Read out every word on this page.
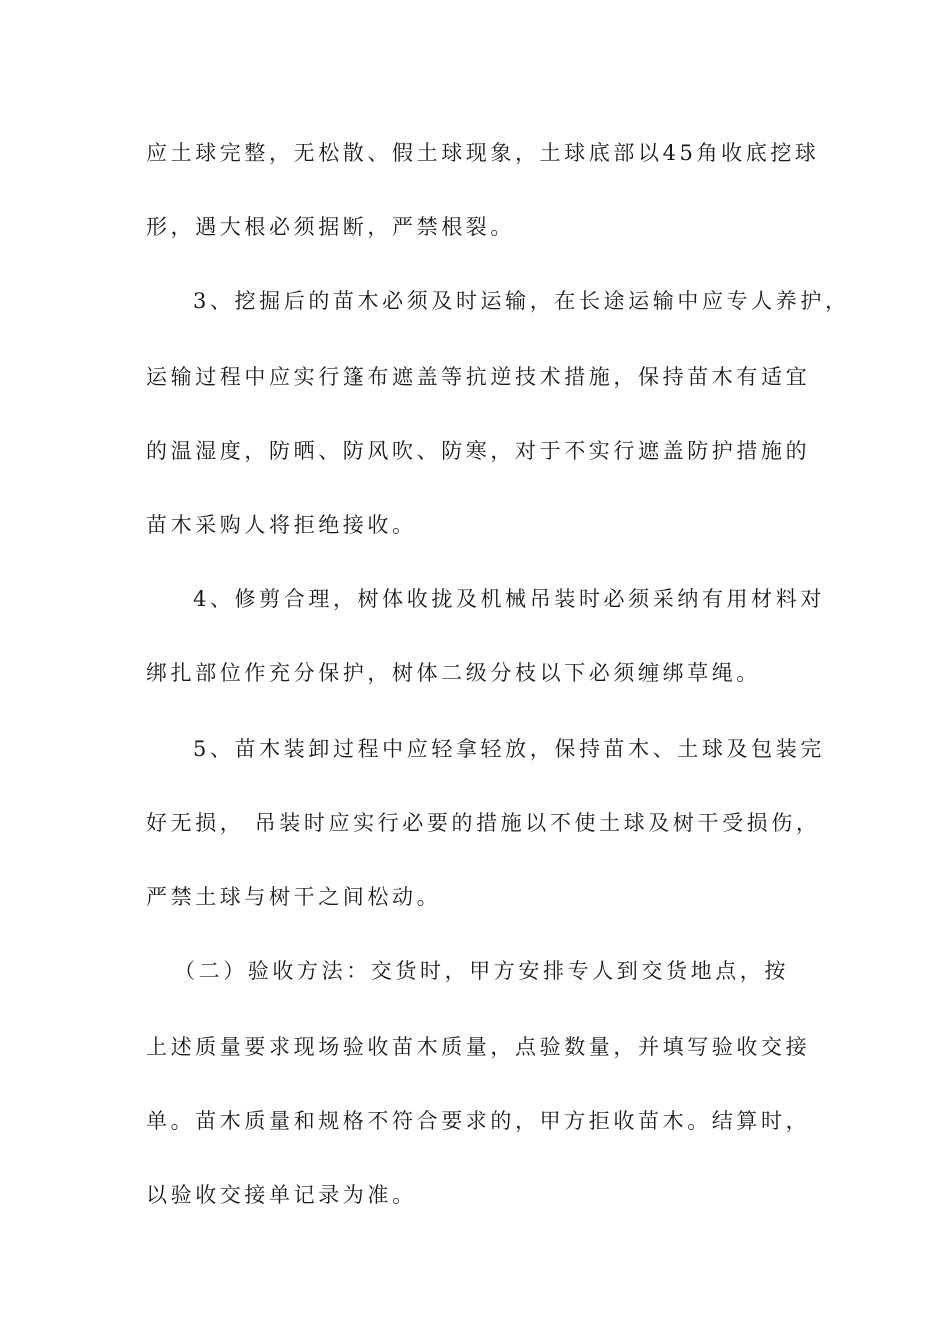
应土球完整，无松散、假土球现象，土球底部以45角收底挖球
形，遇大根必须据断，严禁根裂。
3、挖掘后的苗木必须及时运输，在长途运输中应专人养护，
运输过程中应实行篷布遮盖等抗逆技术措施，保持苗木有适宜
的温湿度，防晒、防风吹、防寒，对于不实行遮盖防护措施的
苗木采购人将拒绝接收。
4、修剪合理，树体收拢及机械吊装时必须采纳有用材料对
绑扎部位作充分保护，树体二级分枝以下必须缠绑草绳。
5、苗木装卸过程中应轻拿轻放，保持苗木、土球及包装完
好无损， 吊装时应实行必要的措施以不使土球及树干受损伤，
严禁土球与树干之间松动。
（二）验收方法：交货时，甲方安排专人到交货地点，按
上述质量要求现场验收苗木质量，点验数量，并填写验收交接
单。苗木质量和规格不符合要求的，甲方拒收苗木。结算时，
以验收交接单记录为准。
